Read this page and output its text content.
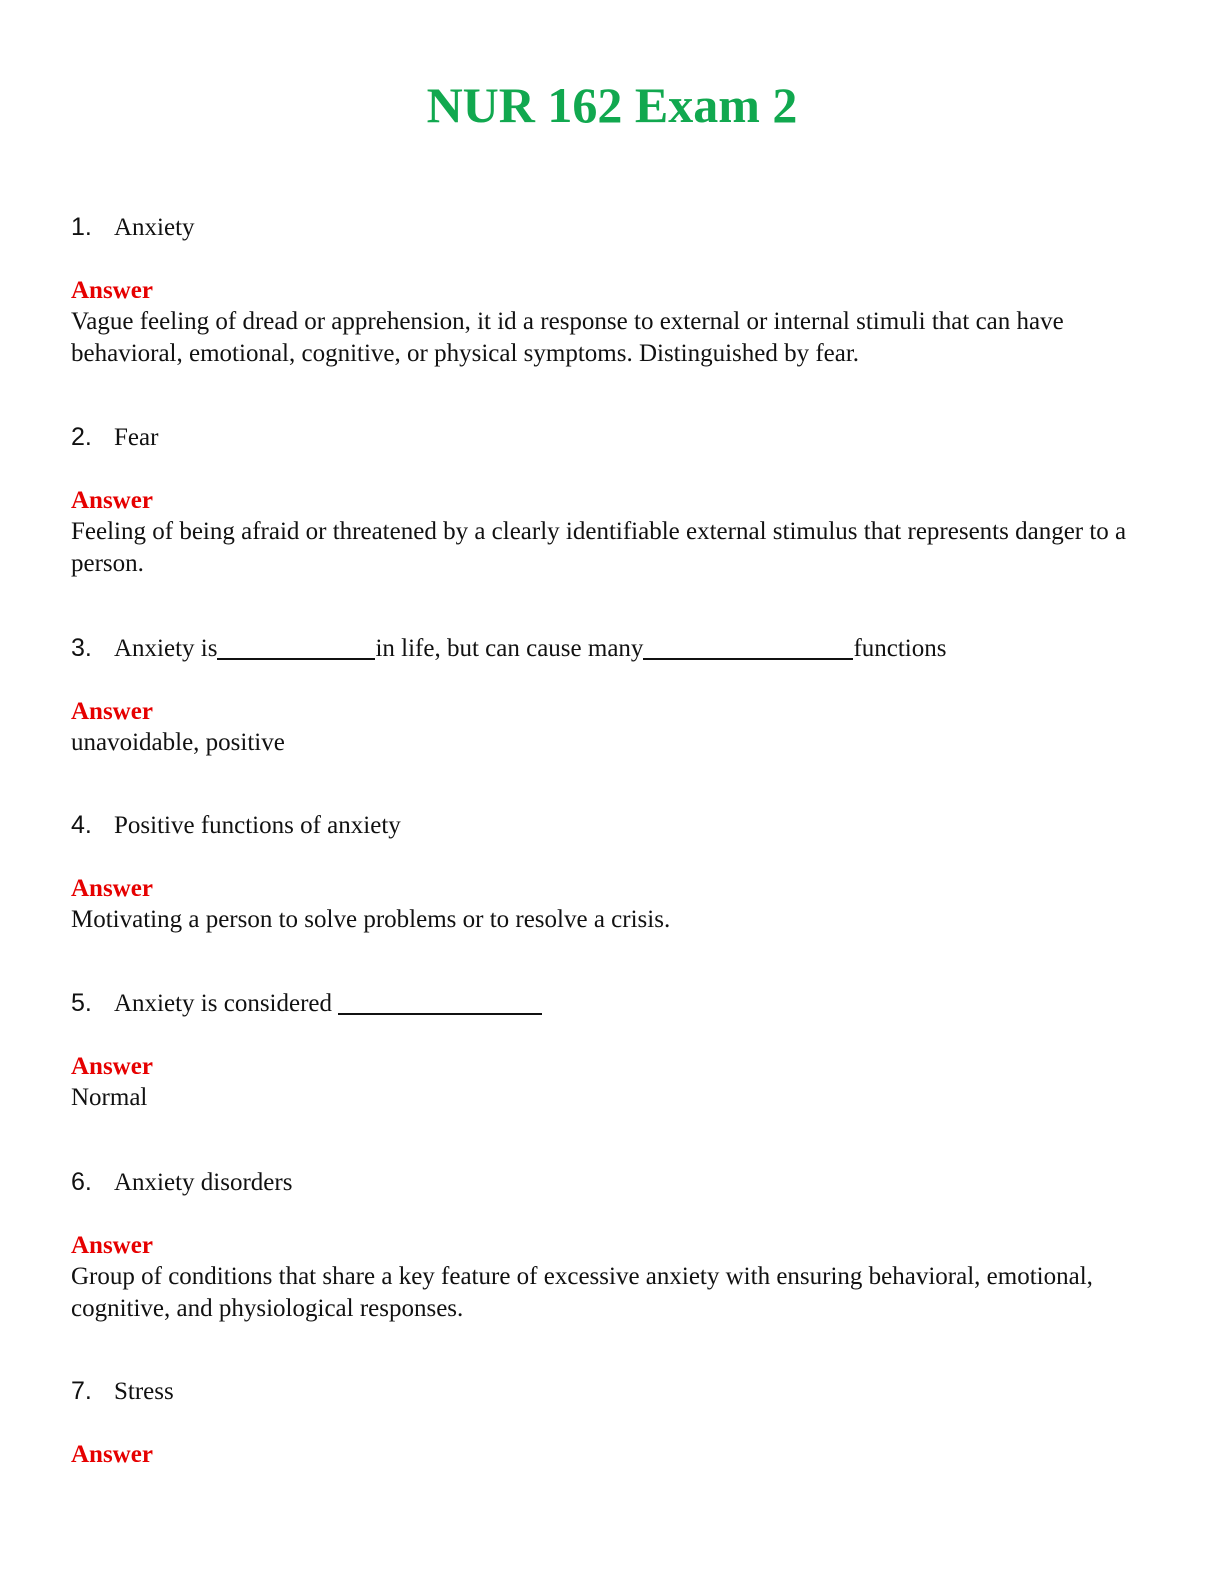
NUR 162 Exam 2
1. Anxiety
Answer
Vague feeling of dread or apprehension, it id a response to external or internal stimuli that can have behavioral, emotional, cognitive, or physical symptoms. Distinguished by fear.
2. Fear
Answer
Feeling of being afraid or threatened by a clearly identifiable external stimulus that represents danger to a person.
3. Anxiety is	in life, but can cause many	functions
Answer
unavoidable, positive
4. Positive functions of anxiety
Answer
Motivating a person to solve problems or to resolve a crisis.
5. Anxiety is considered
Answer
Normal
6. Anxiety disorders
Answer
Group of conditions that share a key feature of excessive anxiety with ensuring behavioral, emotional, cognitive, and physiological responses.
7. Stress
Answer
